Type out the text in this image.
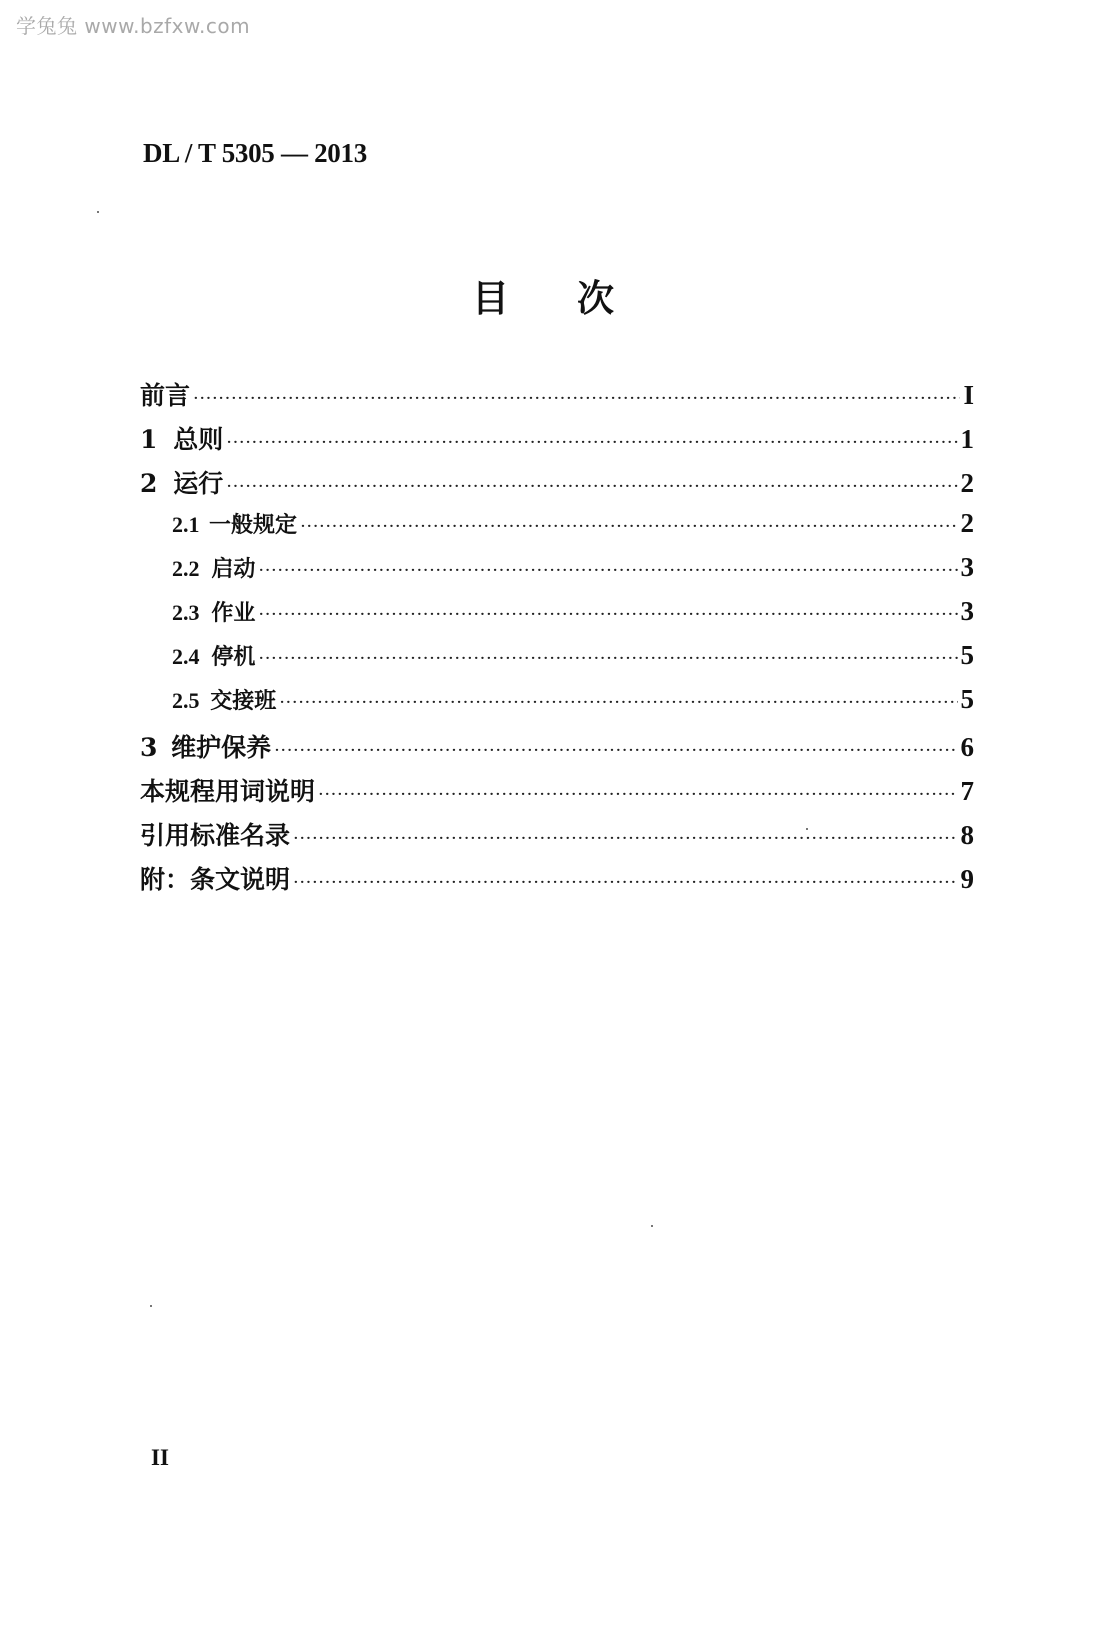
学兔兔 www.bzfxw.com
DL / T 5305 — 2013
目次
前言 ·····	I
1 总则 ·····	1
2 运行 ·····	2
2.1 一般规定 ·····	2
2.2 启动 ·····	3
2.3 作业 ·····	3
2.4 停机 ·····	5
2.5 交接班 ·····	5
3 维护保养 ·····	6
本规程用词说明 ·····	7
引用标准名录 ·····	8
附：条文说明 ·····	9
II
